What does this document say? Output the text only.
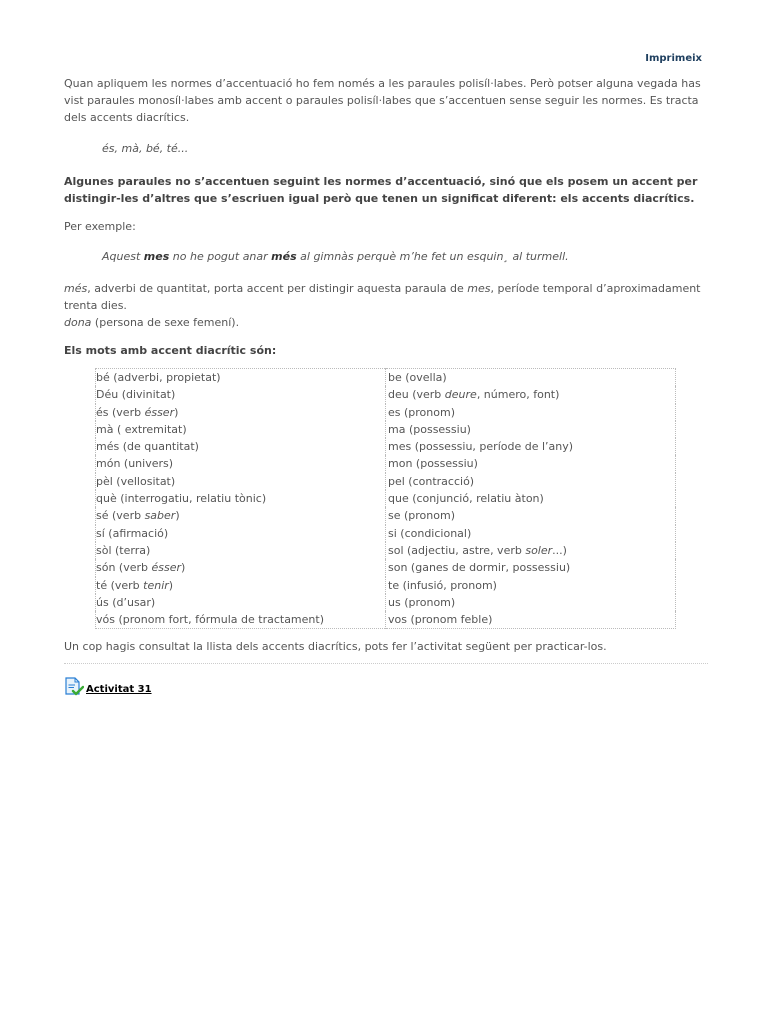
Imprimeix

Quan apliquem les normes d’accentuació ho fem només a les paraules polisíl·labes. Però potser alguna vegada has vist paraules monosíl·labes amb accent o paraules polisíl·labes que s’accentuen sense seguir les normes. Es tracta dels accents diacrítics.

és, mà, bé, té...

Algunes paraules no s’accentuen seguint les normes d’accentuació, sinó que els posem un accent per distingir-les d’altres que s’escriuen igual però que tenen un significat diferent: els accents diacrítics.

Per exemple:

Aquest mes no he pogut anar més al gimnàs perquè m’he fet un esquin¸ al turmell.

més, adverbi de quantitat, porta accent per distingir aquesta paraula de mes, període temporal d’aproximadament trenta dies.

dona (persona de sexe femení).

Els mots amb accent diacrític són:

bé (adverbi, propietat)	be (ovella)
Déu (divinitat)	deu (verb deure, número, font)
és (verb ésser)	es (pronom)
mà ( extremitat)	ma (possessiu)
més (de quantitat)	mes (possessiu, període de l’any)
món (univers)	mon (possessiu)
pèl (vellositat)	pel (contracció)
què (interrogatiu, relatiu tònic)	que (conjunció, relatiu àton)
sé (verb saber)	se (pronom)
sí (afirmació)	si (condicional)
sòl (terra)	sol (adjectiu, astre, verb soler...)
són (verb ésser)	son (ganes de dormir, possessiu)
té (verb tenir)	te (infusió, pronom)
ús (d’usar)	us (pronom)
vós (pronom fort, fórmula de tractament)	vos (pronom feble)

Un cop hagis consultat la llista dels accents diacrítics, pots fer l’activitat següent per practicar-los.

Activitat 31
